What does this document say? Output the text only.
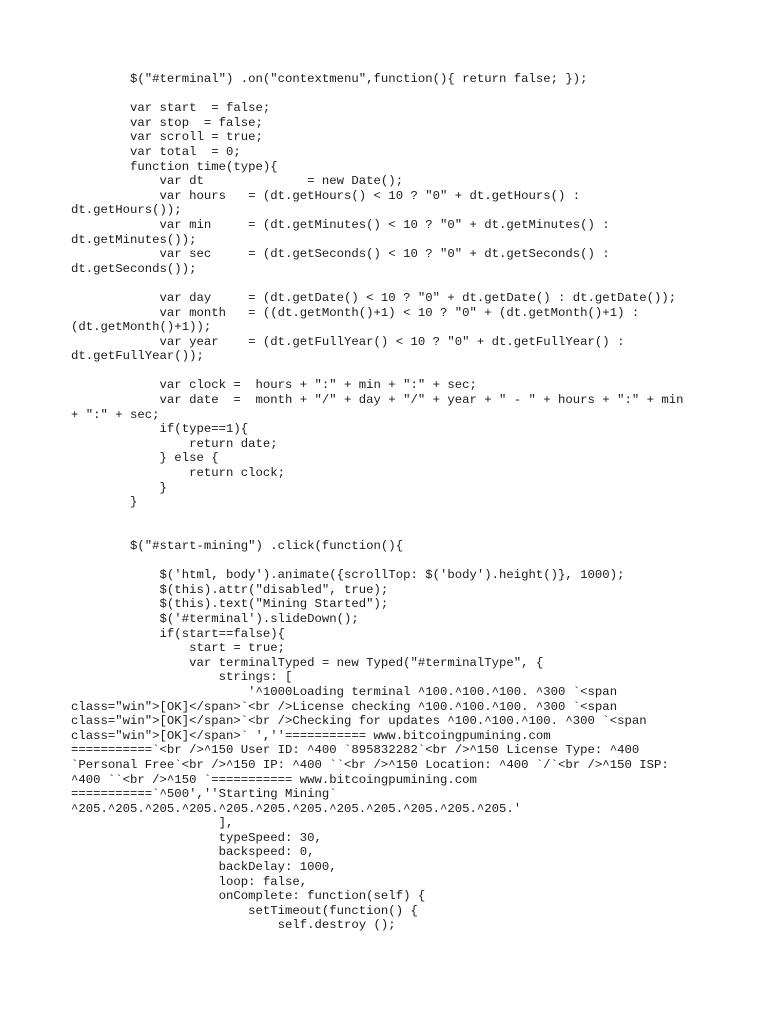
$("#terminal") .on("contextmenu",function(){ return false; });
var start  = false;
var stop  = false;
var scroll = true;
var total  = 0;
function time(type){
var dt              = new Date();
var hours   = (dt.getHours() < 10 ? "0" + dt.getHours() :
dt.getHours());
var min     = (dt.getMinutes() < 10 ? "0" + dt.getMinutes() :
dt.getMinutes());
var sec     = (dt.getSeconds() < 10 ? "0" + dt.getSeconds() :
dt.getSeconds());
var day     = (dt.getDate() < 10 ? "0" + dt.getDate() : dt.getDate());
var month   = ((dt.getMonth()+1) < 10 ? "0" + (dt.getMonth()+1) :
(dt.getMonth()+1));
var year    = (dt.getFullYear() < 10 ? "0" + dt.getFullYear() :
dt.getFullYear());
var clock =  hours + ":" + min + ":" + sec;
var date  =  month + "/" + day + "/" + year + " - " + hours + ":" + min
+ ":" + sec;
if(type==1){
return date;
} else {
return clock;
}
}
$("#start-mining") .click(function(){
$('html, body').animate({scrollTop: $('body').height()}, 1000);
$(this).attr("disabled", true);
$(this).text("Mining Started");
$('#terminal').slideDown();
if(start==false){
start = true;
var terminalTyped = new Typed("#terminalType", {
strings: [
'^1000Loading terminal ^100.^100.^100. ^300 `<span
class="win">[OK]</span>`<br />License checking ^100.^100.^100. ^300 `<span
class="win">[OK]</span>`<br />Checking for updates ^100.^100.^100. ^300 `<span
class="win">[OK]</span>` ',''=========== www.bitcoingpumining.com
===========`<br />^150 User ID: ^400 `895832282`<br />^150 License Type: ^400
`Personal Free`<br />^150 IP: ^400 ``<br />^150 Location: ^400 `/`<br />^150 ISP:
^400 ``<br />^150 `=========== www.bitcoingpumining.com
===========`^500',''Starting Mining`
^205.^205.^205.^205.^205.^205.^205.^205.^205.^205.^205.^205.'
],
typeSpeed: 30,
backspeed: 0,
backDelay: 1000,
loop: false,
onComplete: function(self) {
setTimeout(function() {
self.destroy ();
